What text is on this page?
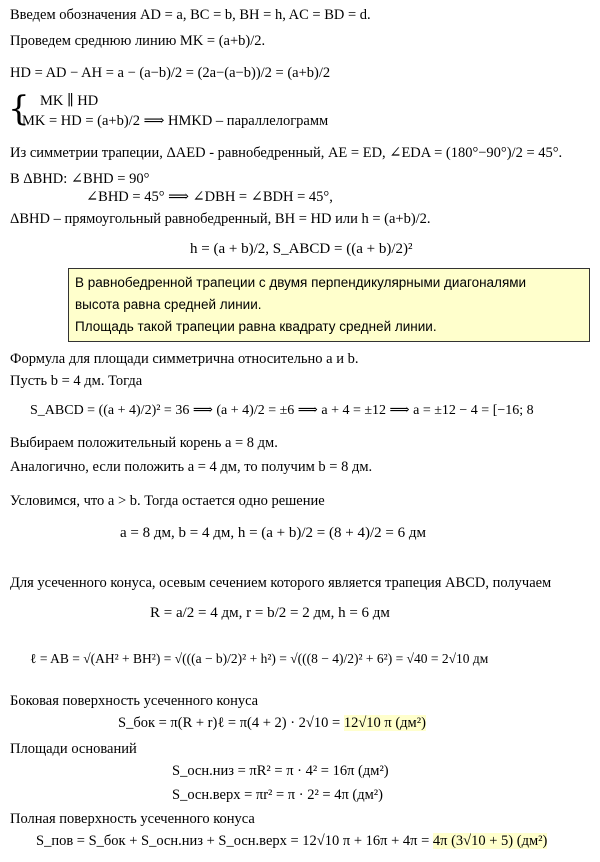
Введем обозначения AD = a, BC = b, BH = h, AC = BD = d.
Проведем среднюю линию MK = (a+b)/2.
HD = AD − AH = a − (a−b)/2 = (2a−(a−b))/2 = (a+b)/2
{ MK ∥ HD
MK = HD = (a+b)/2 ⟹ HMKD – параллелограмм
Из симметрии трапеции, ΔAED - равнобедренный, AE = ED, ∠EDA = (180°−90°)/2 = 45°.
В ΔBHD: ∠BHD = 90°
∠BHD = 45° ⟹ ∠DBH = ∠BDH = 45°,
ΔBHD – прямоугольный равнобедренный, BH = HD или h = (a+b)/2.
h = (a + b)/2, S_ABCD = ((a + b)/2)²
В равнобедренной трапеции с двумя перпендикулярными диагоналями
высота равна средней линии.
Площадь такой трапеции равна квадрату средней линии.
Формула для площади симметрична относительно a и b.
Пусть b = 4 дм. Тогда
S_ABCD = ((a + 4)/2)² = 36 ⟹ (a + 4)/2 = ±6 ⟹ a + 4 = ±12 ⟹ a = ±12 − 4 = [−16; 8
Выбираем положительный корень a = 8 дм.
Аналогично, если положить a = 4 дм, то получим b = 8 дм.
Условимся, что a > b. Тогда остается одно решение
a = 8 дм, b = 4 дм, h = (a + b)/2 = (8 + 4)/2 = 6 дм
Для усеченного конуса, осевым сечением которого является трапеция ABCD, получаем
R = a/2 = 4 дм, r = b/2 = 2 дм, h = 6 дм
ℓ = AB = √(AH² + BH²) = √(((a − b)/2)² + h²) = √(((8 − 4)/2)² + 6²) = √40 = 2√10 дм
Боковая поверхность усеченного конуса
S_бок = π(R + r)ℓ = π(4 + 2) · 2√10 = 12√10 π (дм²)
Площади оснований
S_осн.низ = πR² = π · 4² = 16π (дм²)
S_осн.верх = πr² = π · 2² = 4π (дм²)
Полная поверхность усеченного конуса
S_пов = S_бок + S_осн.низ + S_осн.верх = 12√10 π + 16π + 4π = 4π (3√10 + 5) (дм²)
